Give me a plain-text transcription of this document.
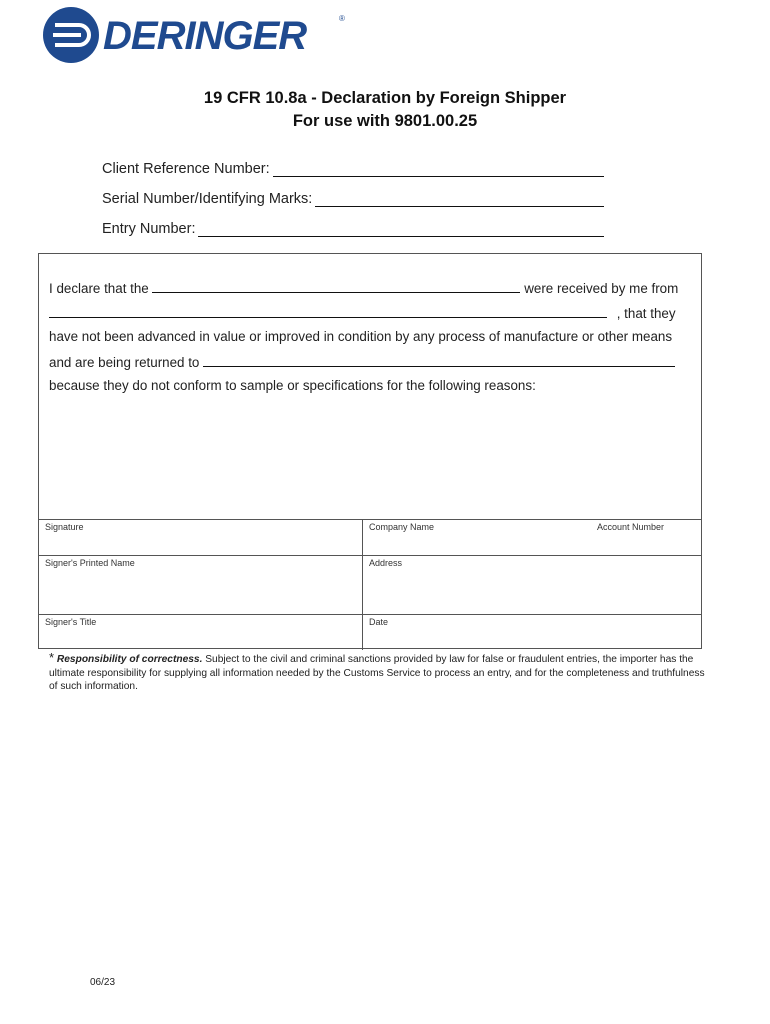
DERINGER	®
19 CFR 10.8a - Declaration by Foreign Shipper
For use with 9801.00.25
Client Reference Number:
Serial Number/Identifying Marks:
Entry Number:
I declare that the	were received by me from
, that they
have not been advanced in value or improved in condition by any process of manufacture or other means
and are being returned to
because they do not conform to sample or specifications for the following reasons:
Signature	Company Name	Account Number
Signer's Printed Name	Address
Signer's Title	Date
* Responsibility of correctness. Subject to the civil and criminal sanctions provided by law for false or fraudulent entries, the importer has the ultimate responsibility for supplying all information needed by the Customs Service to process an entry, and for the completeness and truthfulness of such information.
06/23
